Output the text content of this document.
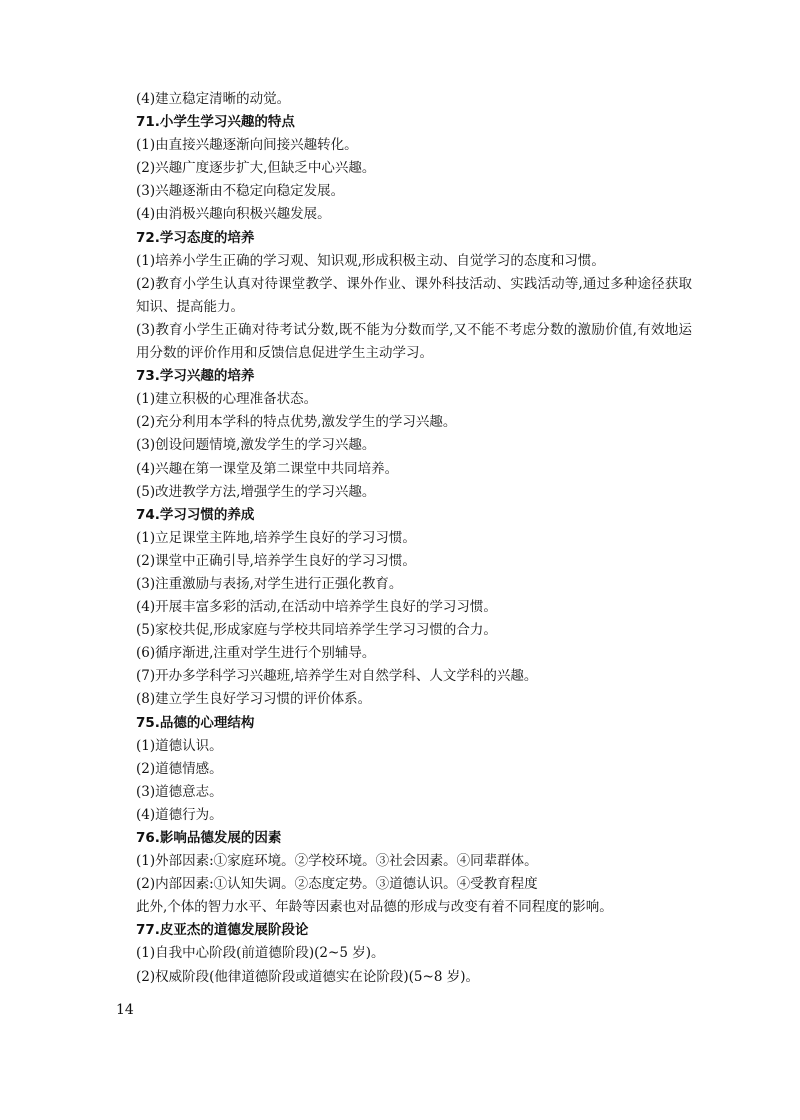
(4)建立稳定清晰的动觉。
71.小学生学习兴趣的特点
(1)由直接兴趣逐渐向间接兴趣转化。
(2)兴趣广度逐步扩大,但缺乏中心兴趣。
(3)兴趣逐渐由不稳定向稳定发展。
(4)由消极兴趣向积极兴趣发展。
72.学习态度的培养
(1)培养小学生正确的学习观、知识观,形成积极主动、自觉学习的态度和习惯。
(2)教育小学生认真对待课堂教学、课外作业、课外科技活动、实践活动等,通过多种途径获取知识、提高能力。
(3)教育小学生正确对待考试分数,既不能为分数而学,又不能不考虑分数的激励价值,有效地运用分数的评价作用和反馈信息促进学生主动学习。
73.学习兴趣的培养
(1)建立积极的心理准备状态。
(2)充分利用本学科的特点优势,激发学生的学习兴趣。
(3)创设问题情境,激发学生的学习兴趣。
(4)兴趣在第一课堂及第二课堂中共同培养。
(5)改进教学方法,增强学生的学习兴趣。
74.学习习惯的养成
(1)立足课堂主阵地,培养学生良好的学习习惯。
(2)课堂中正确引导,培养学生良好的学习习惯。
(3)注重激励与表扬,对学生进行正强化教育。
(4)开展丰富多彩的活动,在活动中培养学生良好的学习习惯。
(5)家校共促,形成家庭与学校共同培养学生学习习惯的合力。
(6)循序渐进,注重对学生进行个别辅导。
(7)开办多学科学习兴趣班,培养学生对自然学科、人文学科的兴趣。
(8)建立学生良好学习习惯的评价体系。
75.品德的心理结构
(1)道德认识。
(2)道德情感。
(3)道德意志。
(4)道德行为。
76.影响品德发展的因素
(1)外部因素:①家庭环境。②学校环境。③社会因素。④同辈群体。
(2)内部因素:①认知失调。②态度定势。③道德认识。④受教育程度
此外,个体的智力水平、年龄等因素也对品德的形成与改变有着不同程度的影响。
77.皮亚杰的道德发展阶段论
(1)自我中心阶段(前道德阶段)(2~5 岁)。
(2)权威阶段(他律道德阶段或道德实在论阶段)(5~8 岁)。
14
